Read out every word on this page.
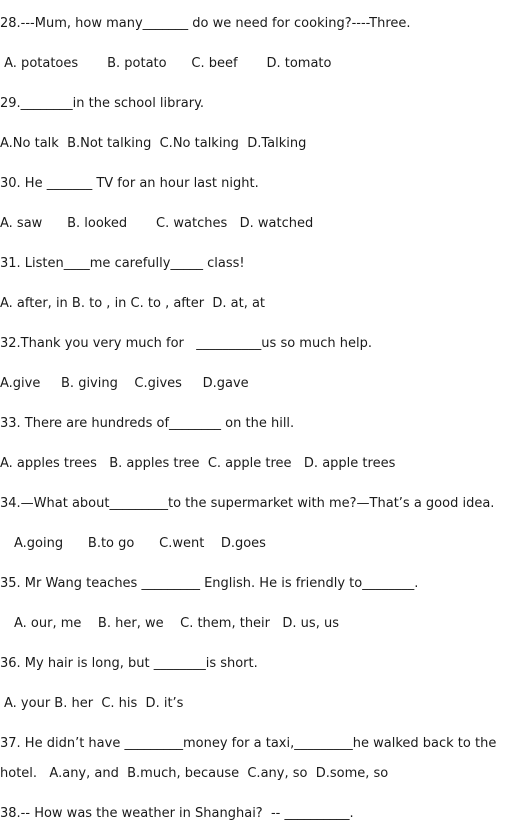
28.---Mum, how many_______ do we need for cooking?----Three.
A. potatoes       B. potato      C. beef       D. tomato
29.________in the school library.
A.No talk  B.Not talking  C.No talking  D.Talking
30. He _______ TV for an hour last night.
A. saw      B. looked       C. watches   D. watched
31. Listen____me carefully_____ class!
A. after, in B. to , in C. to , after  D. at, at
32.Thank you very much for   __________us so much help.
A.give     B. giving    C.gives     D.gave
33. There are hundreds of________ on the hill.
A. apples trees   B. apples tree  C. apple tree   D. apple trees
34.—What about_________to the supermarket with me?—That’s a good idea.
A.going      B.to go      C.went    D.goes
35. Mr Wang teaches _________ English. He is friendly to________.
A. our, me    B. her, we    C. them, their   D. us, us
36. My hair is long, but ________is short.
A. your B. her  C. his  D. it’s
37. He didn’t have _________money for a taxi,_________he walked back to the
hotel.   A.any, and  B.much, because  C.any, so  D.some, so
38.-- How was the weather in Shanghai?  -- __________.
